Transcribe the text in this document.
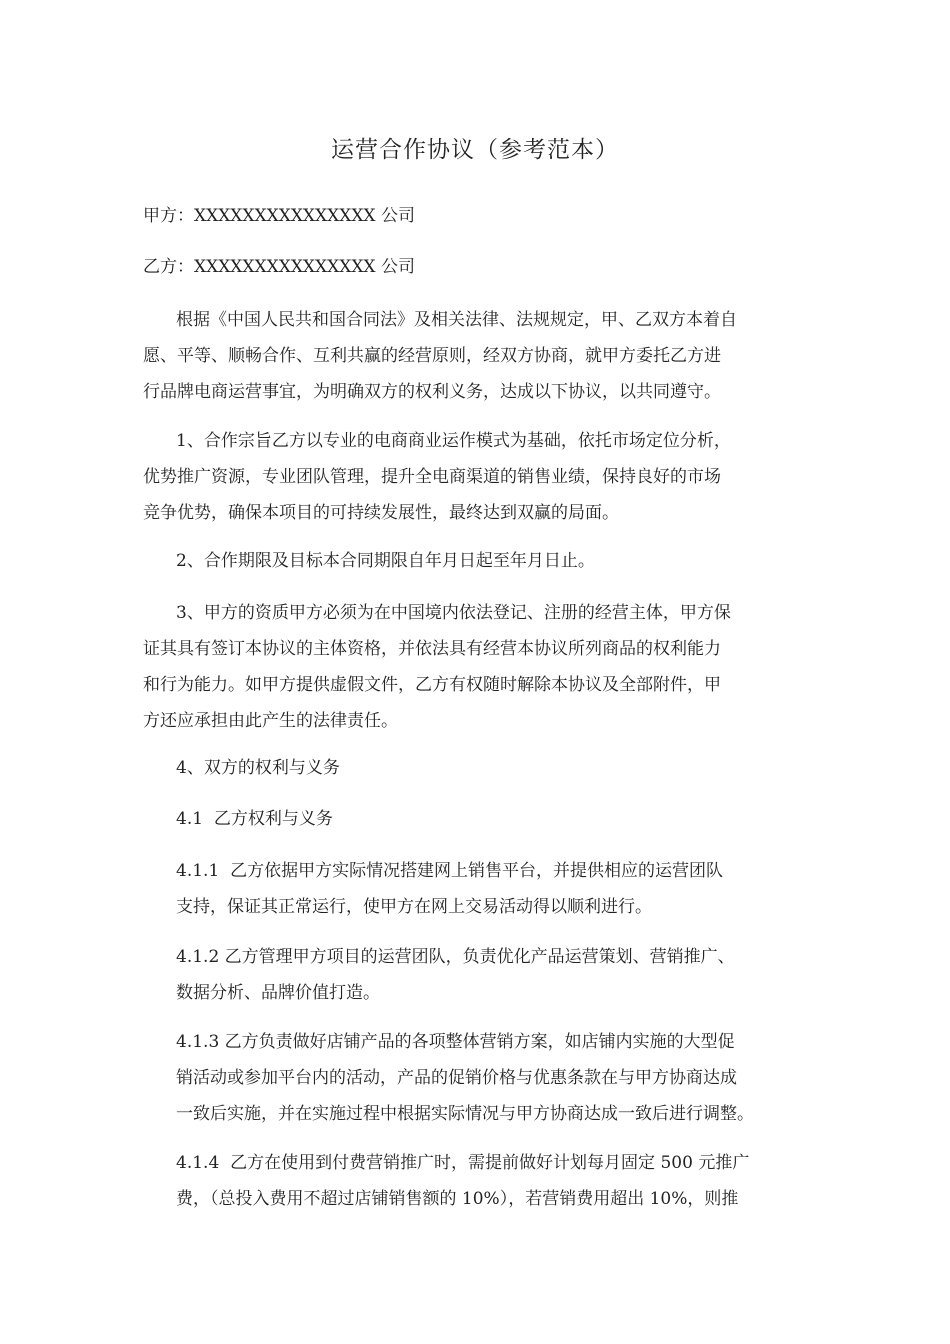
运营合作协议（参考范本）

甲方：XXXXXXXXXXXXXXX 公司

乙方：XXXXXXXXXXXXXXX 公司

根据《中国人民共和国合同法》及相关法律、法规规定，甲、乙双方本着自
愿、平等、顺畅合作、互利共赢的经营原则，经双方协商，就甲方委托乙方进
行品牌电商运营事宜，为明确双方的权利义务，达成以下协议，以共同遵守。

1、合作宗旨乙方以专业的电商商业运作模式为基础，依托市场定位分析，
优势推广资源，专业团队管理，提升全电商渠道的销售业绩，保持良好的市场
竞争优势，确保本项目的可持续发展性，最终达到双赢的局面。

2、合作期限及目标本合同期限自年月日起至年月日止。

3、甲方的资质甲方必须为在中国境内依法登记、注册的经营主体，甲方保
证其具有签订本协议的主体资格，并依法具有经营本协议所列商品的权利能力
和行为能力。如甲方提供虚假文件，乙方有权随时解除本协议及全部附件，甲
方还应承担由此产生的法律责任。

4、双方的权利与义务

4.1  乙方权利与义务

4.1.1  乙方依据甲方实际情况搭建网上销售平台，并提供相应的运营团队
支持，保证其正常运行，使甲方在网上交易活动得以顺利进行。

4.1.2 乙方管理甲方项目的运营团队，负责优化产品运营策划、营销推广、
数据分析、品牌价值打造。

4.1.3 乙方负责做好店铺产品的各项整体营销方案，如店铺内实施的大型促
销活动或参加平台内的活动，产品的促销价格与优惠条款在与甲方协商达成
一致后实施，并在实施过程中根据实际情况与甲方协商达成一致后进行调整。

4.1.4  乙方在使用到付费营销推广时，需提前做好计划每月固定 500 元推广
费，（总投入费用不超过店铺销售额的 10%），若营销费用超出 10%，则推
